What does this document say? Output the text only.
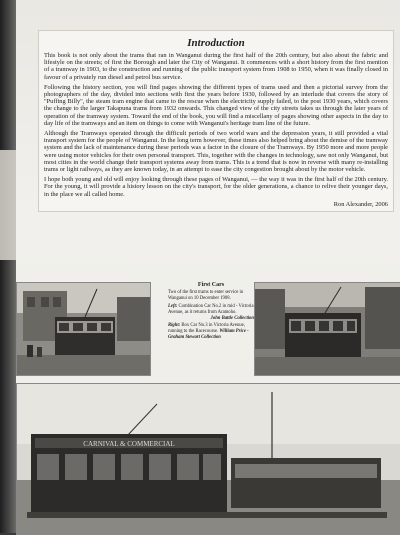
Introduction

This book is not only about the trams that ran in Wanganui during the first half of the 20th century, but also about the fabric and lifestyle on the streets; of first the Borough and later the City of Wanganui. It commences with a short history from the first mention of a tramway in 1903, to the construction and running of the public transport system from 1908 to 1950, when it was finally closed in favour of a privately run diesel and petrol bus service.

Following the history section, you will find pages showing the different types of trams used and then a pictorial survey from the photographers of the day, divided into sections with first the years before 1930, followed by an interlude that covers the story of "Puffing Billy", the steam tram engine that came to the rescue when the electricity supply failed, to the post 1930 years, which covers the change to the larger Takapuna trams from 1932 onwards. This changed view of the city streets takes us through the later years of operation of the tramway system. Toward the end of the book, you will find a miscellany of pages showing other aspects in the day to day life of the tramways and an item on things to come with Wanganui's heritage tram line of the future.

Although the Tramways operated through the difficult periods of two world wars and the depression years, it still provided a vital transport system for the people of Wanganui. In the long term however, these times also helped bring about the demise of the tramway system and the lack of maintenance during these periods was a factor in the closure of the Tramways. By 1950 more and more people were using motor vehicles for their own personal transport. This, together with the changes in technology, saw not only Wanganui, but most cities in the world change their transport systems away from trams. This is a trend that is now in reverse with many re-installing trams or light railways, as they are known today, in an attempt to ease the city congestion brought about by the motor vehicle.

I hope both young and old will enjoy looking through these pages of Wanganui, — the way it was in the first half of the 20th century. For the young, it will provide a history lesson on the city's transport, for the older generations, a chance to relive their younger days, in the place we all called home.

Ron Alexander, 2006

First Cars
Two of the first trams to enter service in Wanganui on 10 December 1908.
Left: Combination Car No.2 in mid - Victoria Avenue, as it returns from Aramoho.
John Battle Collection
Right: Box Car No.3 in Victoria Avenue, running to the Racecourse. William Price - Graham Stewart Collection
CARNIVAL & COMMERCIAL
